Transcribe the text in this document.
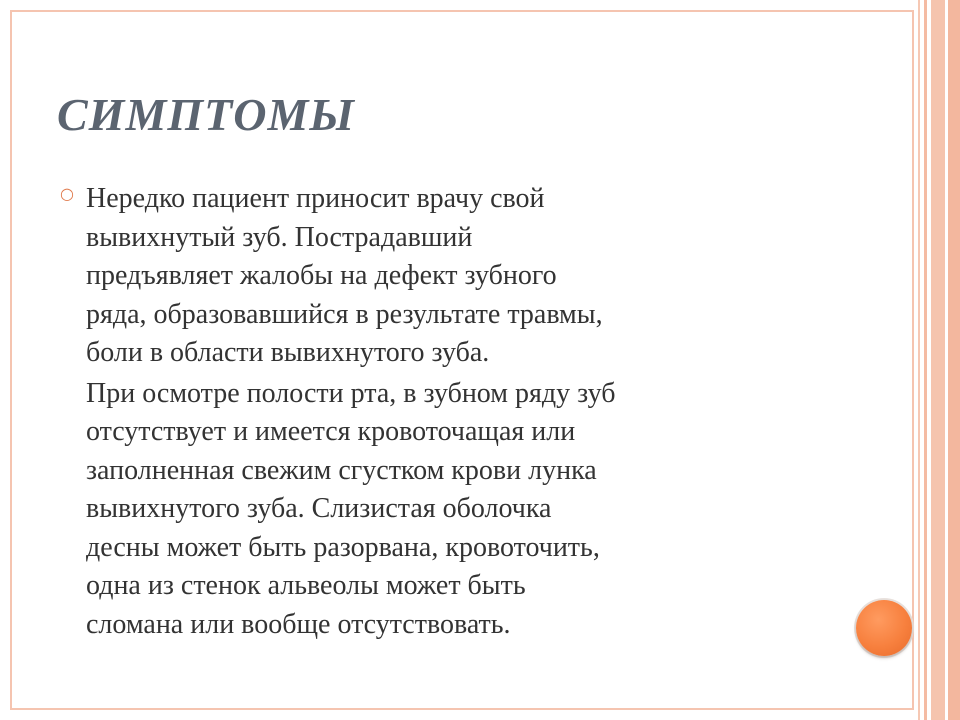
СИМПТОМЫ
○ Нередко пациент приносит врачу свой
вывихнутый зуб. Пострадавший
предъявляет жалобы на дефект зубного
ряда, образовавшийся в результате травмы,
боли в области вывихнутого зуба.

При осмотре полости рта, в зубном ряду зуб
отсутствует и имеется кровоточащая или
заполненная свежим сгустком крови лунка
вывихнутого зуба. Слизистая оболочка
десны может быть разорвана, кровоточить,
одна из стенок альвеолы может быть
сломана или вообще отсутствовать.
